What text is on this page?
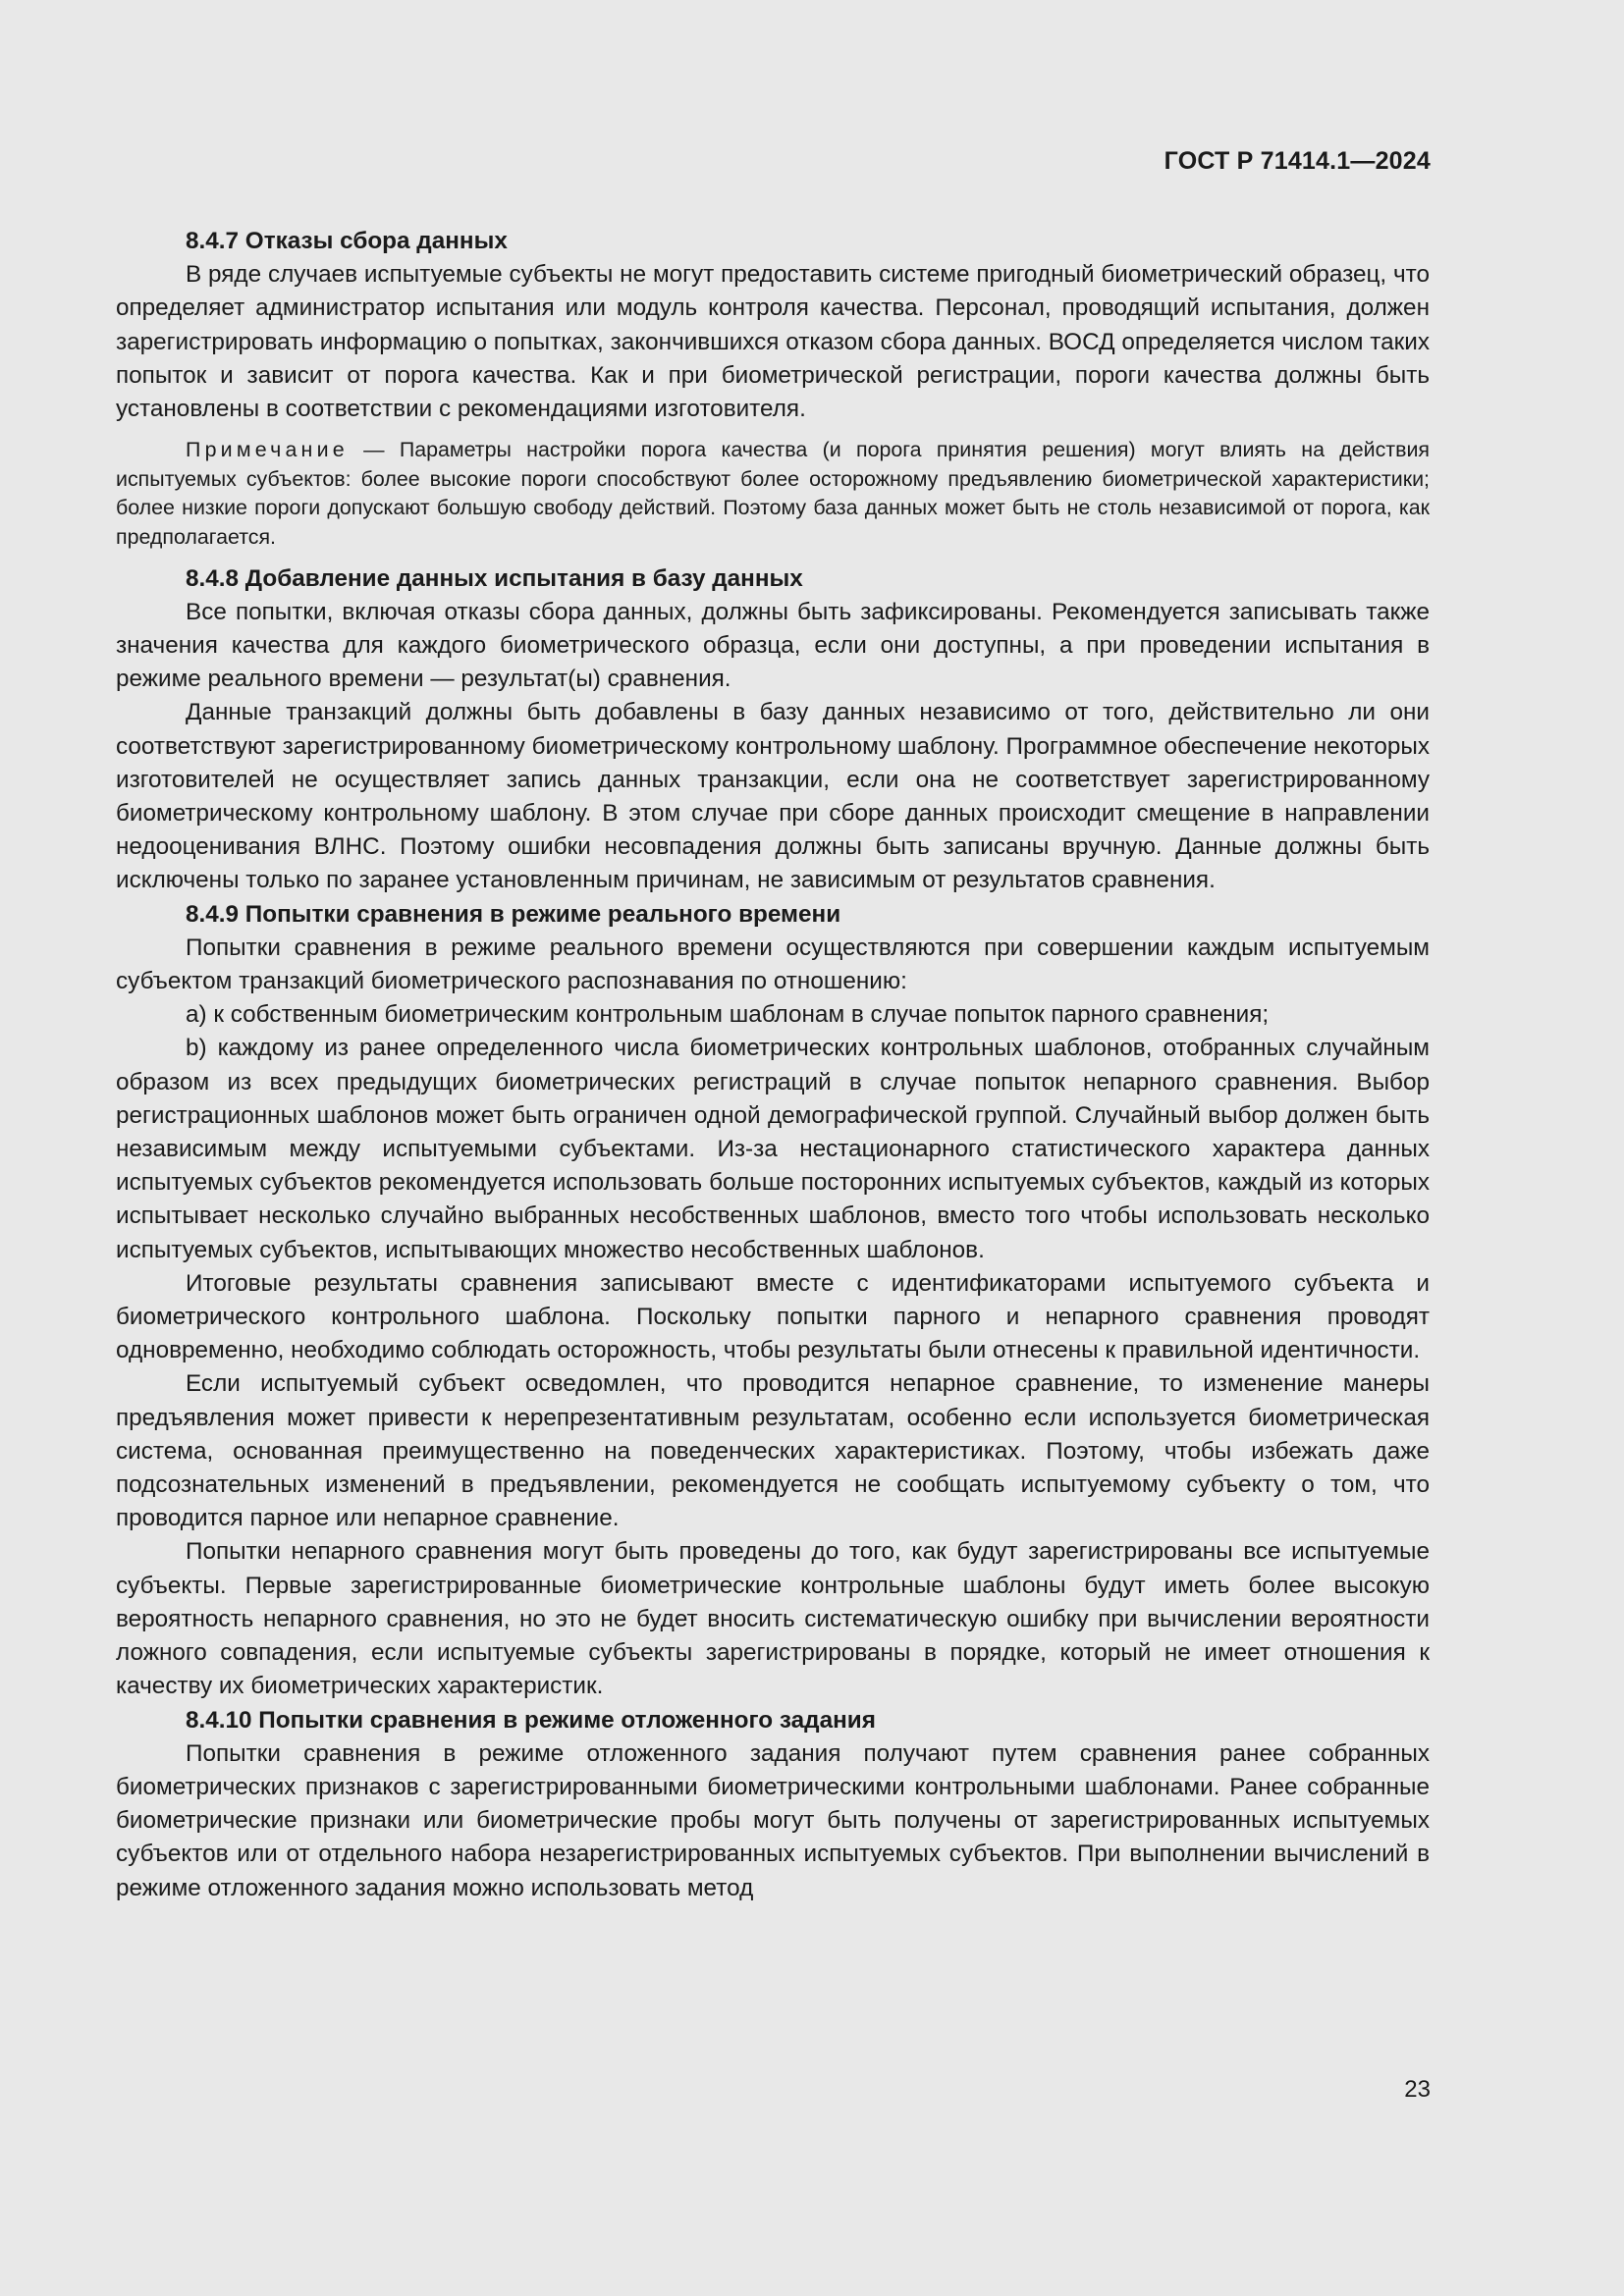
ГОСТ Р 71414.1—2024

8.4.7 Отказы сбора данных

В ряде случаев испытуемые субъекты не могут предоставить системе пригодный биометрический образец, что определяет администратор испытания или модуль контроля качества. Персонал, проводящий испытания, должен зарегистрировать информацию о попытках, закончившихся отказом сбора данных. ВОСД определяется числом таких попыток и зависит от порога качества. Как и при биометрической регистрации, пороги качества должны быть установлены в соответствии с рекомендациями изготовителя.

Примечание — Параметры настройки порога качества (и порога принятия решения) могут влиять на действия испытуемых субъектов: более высокие пороги способствуют более осторожному предъявлению биометрической характеристики; более низкие пороги допускают большую свободу действий. Поэтому база данных может быть не столь независимой от порога, как предполагается.

8.4.8 Добавление данных испытания в базу данных

Все попытки, включая отказы сбора данных, должны быть зафиксированы. Рекомендуется записывать также значения качества для каждого биометрического образца, если они доступны, а при проведении испытания в режиме реального времени — результат(ы) сравнения.

Данные транзакций должны быть добавлены в базу данных независимо от того, действительно ли они соответствуют зарегистрированному биометрическому контрольному шаблону. Программное обеспечение некоторых изготовителей не осуществляет запись данных транзакции, если она не соответствует зарегистрированному биометрическому контрольному шаблону. В этом случае при сборе данных происходит смещение в направлении недооценивания ВЛНС. Поэтому ошибки несовпадения должны быть записаны вручную. Данные должны быть исключены только по заранее установленным причинам, не зависимым от результатов сравнения.

8.4.9 Попытки сравнения в режиме реального времени

Попытки сравнения в режиме реального времени осуществляются при совершении каждым испытуемым субъектом транзакций биометрического распознавания по отношению:

a) к собственным биометрическим контрольным шаблонам в случае попыток парного сравнения;

b) каждому из ранее определенного числа биометрических контрольных шаблонов, отобранных случайным образом из всех предыдущих биометрических регистраций в случае попыток непарного сравнения. Выбор регистрационных шаблонов может быть ограничен одной демографической группой. Случайный выбор должен быть независимым между испытуемыми субъектами. Из-за нестационарного статистического характера данных испытуемых субъектов рекомендуется использовать больше посторонних испытуемых субъектов, каждый из которых испытывает несколько случайно выбранных несобственных шаблонов, вместо того чтобы использовать несколько испытуемых субъектов, испытывающих множество несобственных шаблонов.

Итоговые результаты сравнения записывают вместе с идентификаторами испытуемого субъекта и биометрического контрольного шаблона. Поскольку попытки парного и непарного сравнения проводят одновременно, необходимо соблюдать осторожность, чтобы результаты были отнесены к правильной идентичности.

Если испытуемый субъект осведомлен, что проводится непарное сравнение, то изменение манеры предъявления может привести к нерепрезентативным результатам, особенно если используется биометрическая система, основанная преимущественно на поведенческих характеристиках. Поэтому, чтобы избежать даже подсознательных изменений в предъявлении, рекомендуется не сообщать испытуемому субъекту о том, что проводится парное или непарное сравнение.

Попытки непарного сравнения могут быть проведены до того, как будут зарегистрированы все испытуемые субъекты. Первые зарегистрированные биометрические контрольные шаблоны будут иметь более высокую вероятность непарного сравнения, но это не будет вносить систематическую ошибку при вычислении вероятности ложного совпадения, если испытуемые субъекты зарегистрированы в порядке, который не имеет отношения к качеству их биометрических характеристик.

8.4.10 Попытки сравнения в режиме отложенного задания

Попытки сравнения в режиме отложенного задания получают путем сравнения ранее собранных биометрических признаков с зарегистрированными биометрическими контрольными шаблонами. Ранее собранные биометрические признаки или биометрические пробы могут быть получены от зарегистрированных испытуемых субъектов или от отдельного набора незарегистрированных испытуемых субъектов. При выполнении вычислений в режиме отложенного задания можно использовать метод

23
